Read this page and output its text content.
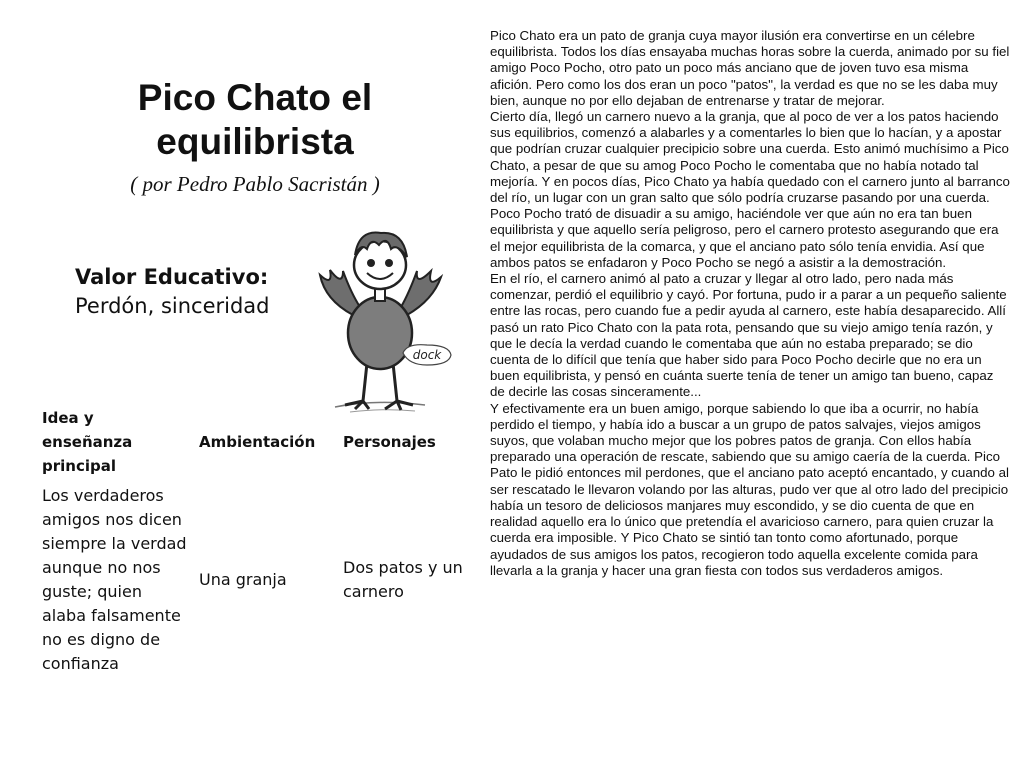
Pico Chato el equilibrista
( por Pedro Pablo Sacristán )
Valor Educativo:
Perdón, sinceridad
dock
Idea y enseñanza principal	Ambientación	Personajes
Los verdaderos amigos nos dicen siempre la verdad aunque no nos guste; quien alaba falsamente no es digno de confianza	Una granja	Dos patos y un carnero

Pico Chato era un pato de granja cuya mayor ilusión era convertirse en un célebre equilibrista. Todos los días ensayaba muchas horas sobre la cuerda, animado por su fiel amigo Poco Pocho, otro pato un poco más anciano que de joven tuvo esa misma afición. Pero como los dos eran un poco "patos", la verdad es que no se les daba muy bien, aunque no por ello dejaban de entrenarse y tratar de mejorar.

Cierto día, llegó un carnero nuevo a la granja, que al poco de ver a los patos haciendo sus equilibrios, comenzó a alabarles y a comentarles lo bien que lo hacían, y a apostar que podrían cruzar cualquier precipicio sobre una cuerda. Esto animó muchísimo a Pico Chato, a pesar de que su amog Poco Pocho le comentaba que no había notado tal mejoría. Y en pocos días, Pico Chato ya había quedado con el carnero junto al barranco del río, un lugar con un gran salto que sólo podría cruzarse pasando por una cuerda.

Poco Pocho trató de disuadir a su amigo, haciéndole ver que aún no era tan buen equilibrista y que aquello sería peligroso, pero el carnero protesto asegurando que era el mejor equilibrista de la comarca, y que el anciano pato sólo tenía envidia. Así que ambos patos se enfadaron y Poco Pocho se negó a asistir a la demostración.

En el río, el carnero animó al pato a cruzar y llegar al otro lado, pero nada más comenzar, perdió el equilibrio y cayó. Por fortuna, pudo ir a parar a un pequeño saliente entre las rocas, pero cuando fue a pedir ayuda al carnero, este había desaparecido. Allí pasó un rato Pico Chato con la pata rota, pensando que su viejo amigo tenía razón, y que le decía la verdad cuando le comentaba que aún no estaba preparado; se dio cuenta de lo difícil que tenía que haber sido para Poco Pocho decirle que no era un buen equilibrista, y pensó en cuánta suerte tenía de tener un amigo tan bueno, capaz de decirle las cosas sinceramente...

Y efectivamente era un buen amigo, porque sabiendo lo que iba a ocurrir, no había perdido el tiempo, y había ido a buscar a un grupo de patos salvajes, viejos amigos suyos, que volaban mucho mejor que los pobres patos de granja. Con ellos había preparado una operación de rescate, sabiendo que su amigo caería de la cuerda. Pico Pato le pidió entonces mil perdones, que el anciano pato aceptó encantado, y cuando al ser rescatado le llevaron volando por las alturas, pudo ver que al otro lado del precipicio había un tesoro de deliciosos manjares muy escondido, y se dio cuenta de que en realidad aquello era lo único que pretendía el avaricioso carnero, para quien cruzar la cuerda era imposible. Y Pico Chato se sintió tan tonto como afortunado, porque ayudados de sus amigos los patos, recogieron todo aquella excelente comida para llevarla a la granja y hacer una gran fiesta con todos sus verdaderos amigos.
